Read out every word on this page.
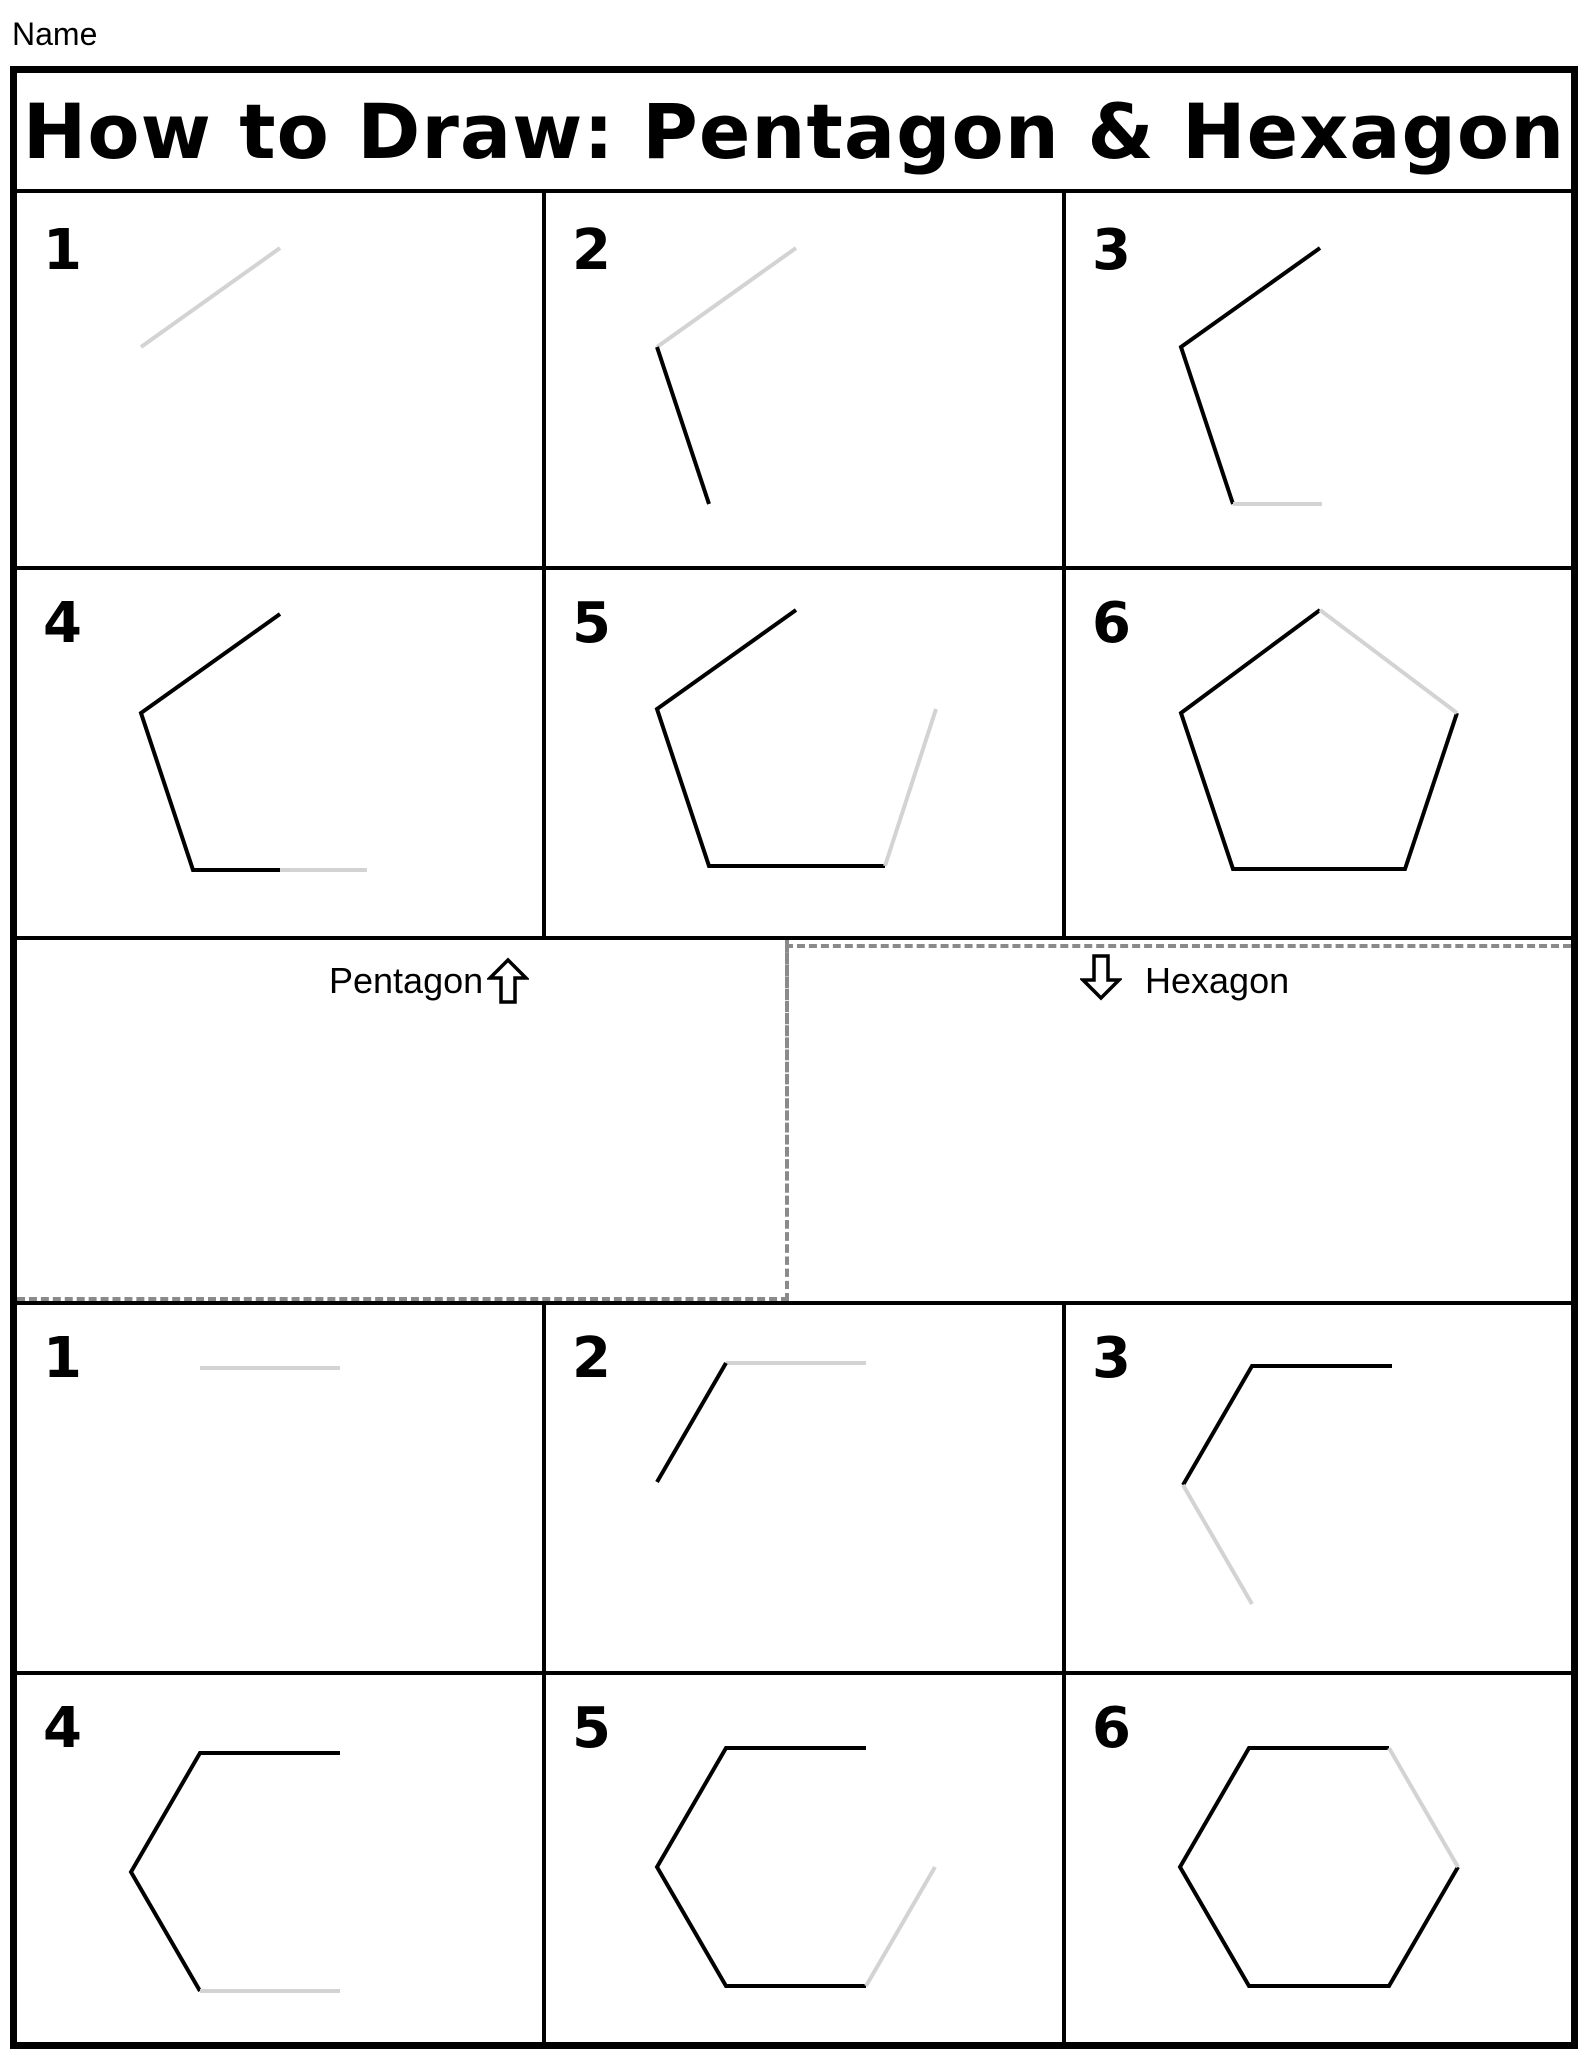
Name
How to Draw: Pentagon & Hexagon
1	2	3
4	5	6
Pentagon	Hexagon
1	2	3
4	5	6
